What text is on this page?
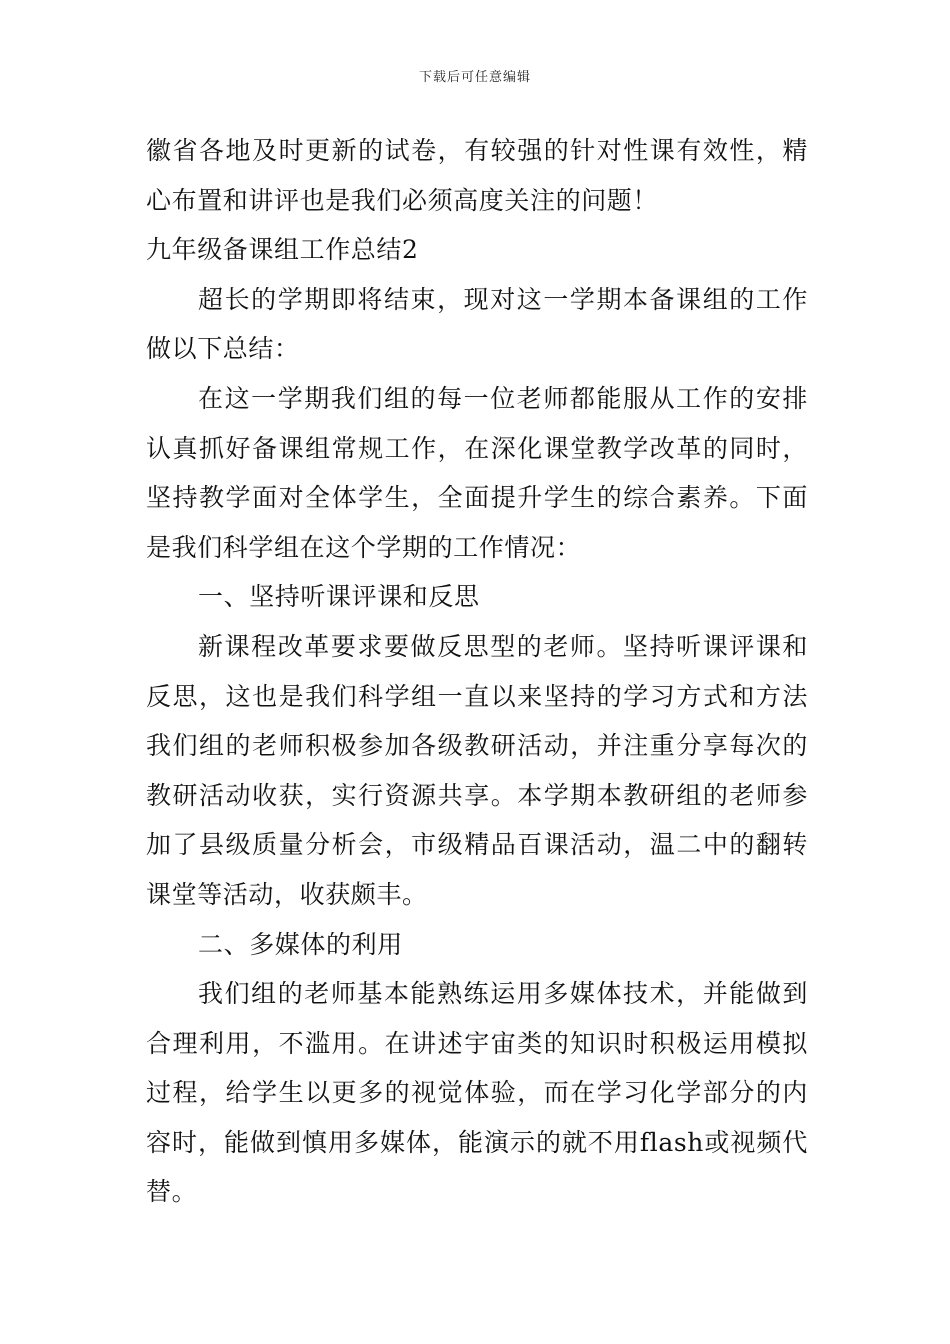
下载后可任意编辑

徽省各地及时更新的试卷，有较强的针对性课有效性，精心布置和讲评也是我们必须高度关注的问题！

九年级备课组工作总结2

超长的学期即将结束，现对这一学期本备课组的工作做以下总结：

在这一学期我们组的每一位老师都能服从工作的安排认真抓好备课组常规工作，在深化课堂教学改革的同时，坚持教学面对全体学生，全面提升学生的综合素养。下面是我们科学组在这个学期的工作情况：

一、坚持听课评课和反思

新课程改革要求要做反思型的老师。坚持听课评课和反思，这也是我们科学组一直以来坚持的学习方式和方法我们组的老师积极参加各级教研活动，并注重分享每次的教研活动收获，实行资源共享。本学期本教研组的老师参加了县级质量分析会，市级精品百课活动，温二中的翻转课堂等活动，收获颇丰。

二、多媒体的利用

我们组的老师基本能熟练运用多媒体技术，并能做到合理利用，不滥用。在讲述宇宙类的知识时积极运用模拟过程，给学生以更多的视觉体验，而在学习化学部分的内容时，能做到慎用多媒体，能演示的就不用flash或视频代替。
